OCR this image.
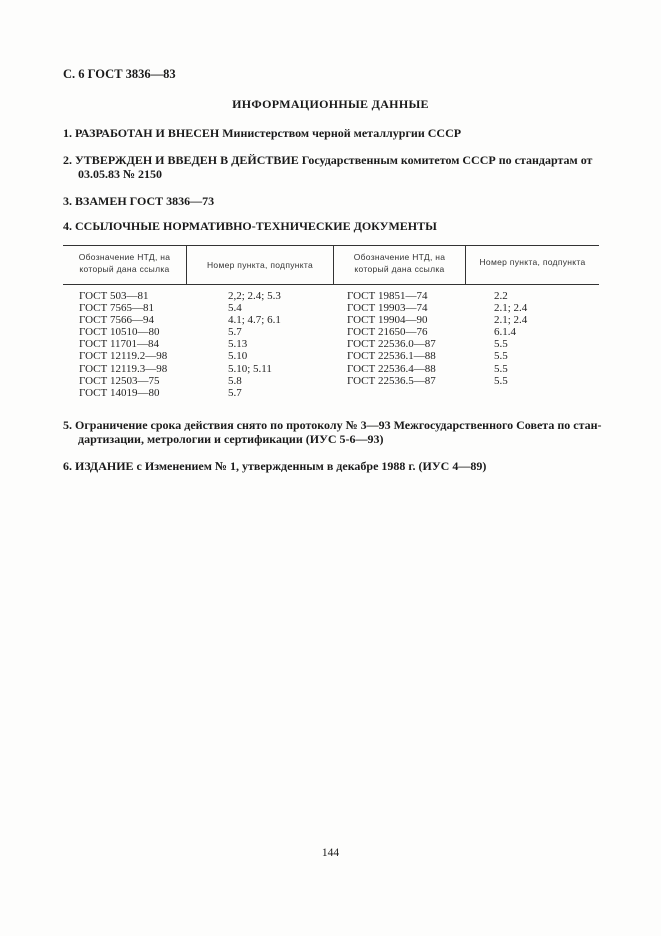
С. 6 ГОСТ 3836—83
ИНФОРМАЦИОННЫЕ ДАННЫЕ
1. РАЗРАБОТАН И ВНЕСЕН Министерством черной металлургии СССР
2. УТВЕРЖДЕН И ВВЕДЕН В ДЕЙСТВИЕ Государственным комитетом СССР по стандартам от
03.05.83 № 2150
3. ВЗАМЕН ГОСТ 3836—73
4. ССЫЛОЧНЫЕ НОРМАТИВНО-ТЕХНИЧЕСКИЕ ДОКУМЕНТЫ
Обозначение НТД, на
который дана ссылка	Номер пункта, подпункта
Обозначение НТД, на
который дана ссылка
Номер пункта, подпункта
ГОСТ 503—81
ГОСТ 7565—81
ГОСТ 7566—94
ГОСТ 10510—80
ГОСТ 11701—84
ГОСТ 12119.2—98
ГОСТ 12119.3—98
ГОСТ 12503—75
ГОСТ 14019—80
2,2; 2.4; 5.3
5.4
4.1; 4.7; 6.1
5.7
5.13
5.10
5.10; 5.11
5.8
5.7
ГОСТ 19851—74
ГОСТ 19903—74
ГОСТ 19904—90
ГОСТ 21650—76
ГОСТ 22536.0—87
ГОСТ 22536.1—88
ГОСТ 22536.4—88
ГОСТ 22536.5—87
2.2
2.1; 2.4
2.1; 2.4
6.1.4
5.5
5.5
5.5
5.5
5. Ограничение срока действия снято по протоколу № 3—93 Межгосударственного Совета по стан-
дартизации, метрологии и сертификации (ИУС 5-6—93)
6. ИЗДАНИЕ с Изменением № 1, утвержденным в декабре 1988 г. (ИУС 4—89)
144
